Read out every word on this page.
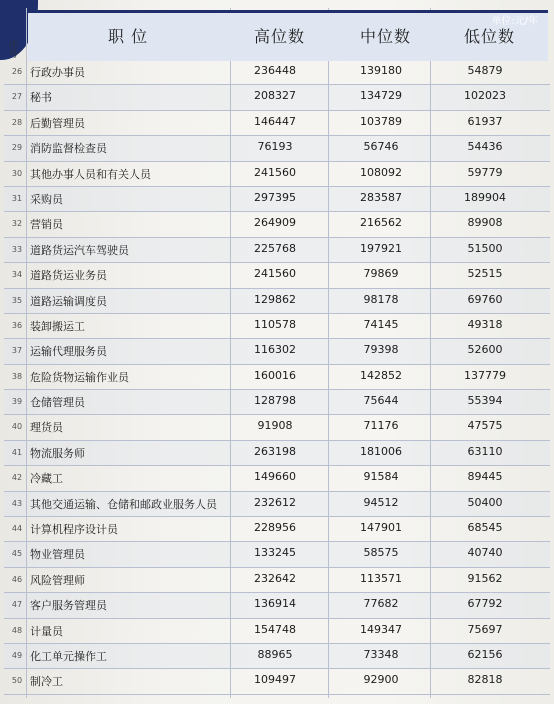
职 位	高位数	中位数	低位数
序号
单位:元/年
26 行政办事员	236448	139180	54879
27 秘书	208327	134729	102023
28 后勤管理员	146447	103789	61937
29 消防监督检查员	76193	56746	54436
30 其他办事人员和有关人员	241560	108092	59779
31 采购员	297395	283587	189904
32 营销员	264909	216562	89908
33 道路货运汽车驾驶员	225768	197921	51500
34 道路货运业务员	241560	79869	52515
35 道路运输调度员	129862	98178	69760
36 装卸搬运工	110578	74145	49318
37 运输代理服务员	116302	79398	52600
38 危险货物运输作业员	160016	142852	137779
39 仓储管理员	128798	75644	55394
40 理货员	91908	71176	47575
41 物流服务师	263198	181006	63110
42 冷藏工	149660	91584	89445
43 其他交通运输、仓储和邮政业服务人员	232612	94512	50400
44 计算机程序设计员	228956	147901	68545
45 物业管理员	133245	58575	40740
46 风险管理师	232642	113571	91562
47 客户服务管理员	136914	77682	67792
48 计量员	154748	149347	75697
49 化工单元操作工	88965	73348	62156
50 制冷工	109497	92900	82818
